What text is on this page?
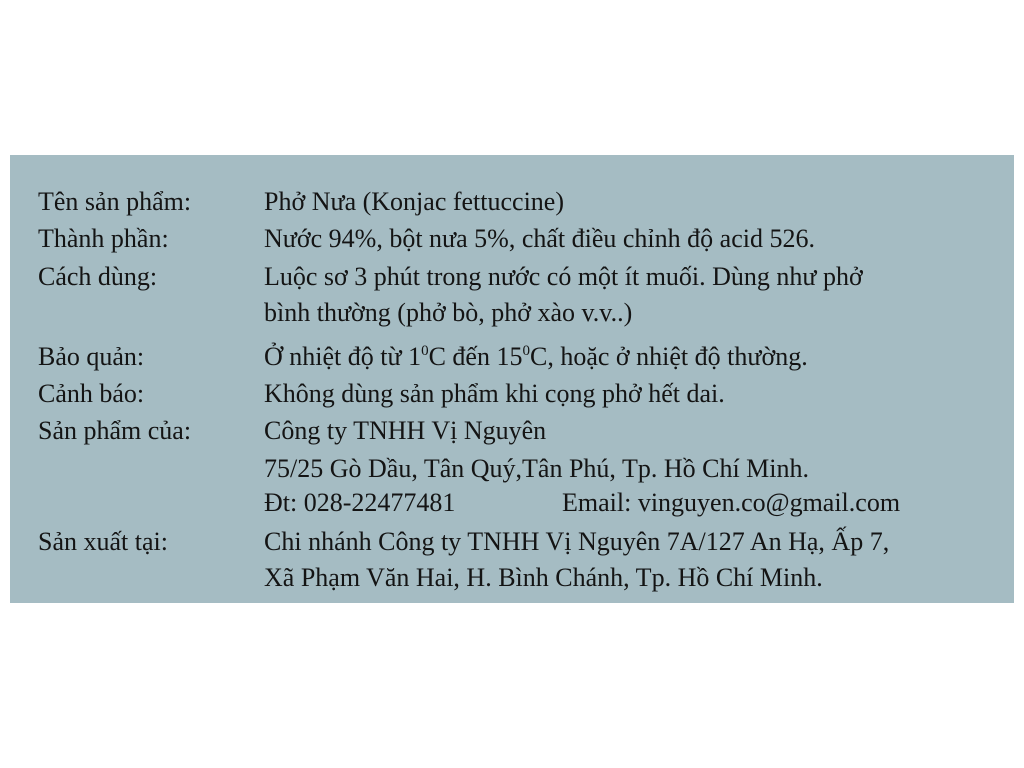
Tên sản phẩm:	Phở Nưa (Konjac fettuccine)
Thành phần:	Nước 94%, bột nưa 5%, chất điều chỉnh độ acid 526.
Cách dùng:	Luộc sơ 3 phút trong nước có một ít muối. Dùng như phở
bình thường (phở bò, phở xào v.v..)
Bảo quản:	Ở nhiệt độ từ $1^0C$ đến $15^0C$, hoặc ở nhiệt độ thường.
Cảnh báo:	Không dùng sản phẩm khi cọng phở hết dai.
Sản phẩm của:	Công ty TNHH Vị Nguyên
75/25 Gò Dầu, Tân Quý,Tân Phú, Tp. Hồ Chí Minh.
Đt: 028-22477481	Email: vinguyen.co@gmail.com
Sản xuất tại:	Chi nhánh Công ty TNHH Vị Nguyên 7A/127 An Hạ, Ấp 7,
Xã Phạm Văn Hai, H. Bình Chánh, Tp. Hồ Chí Minh.
